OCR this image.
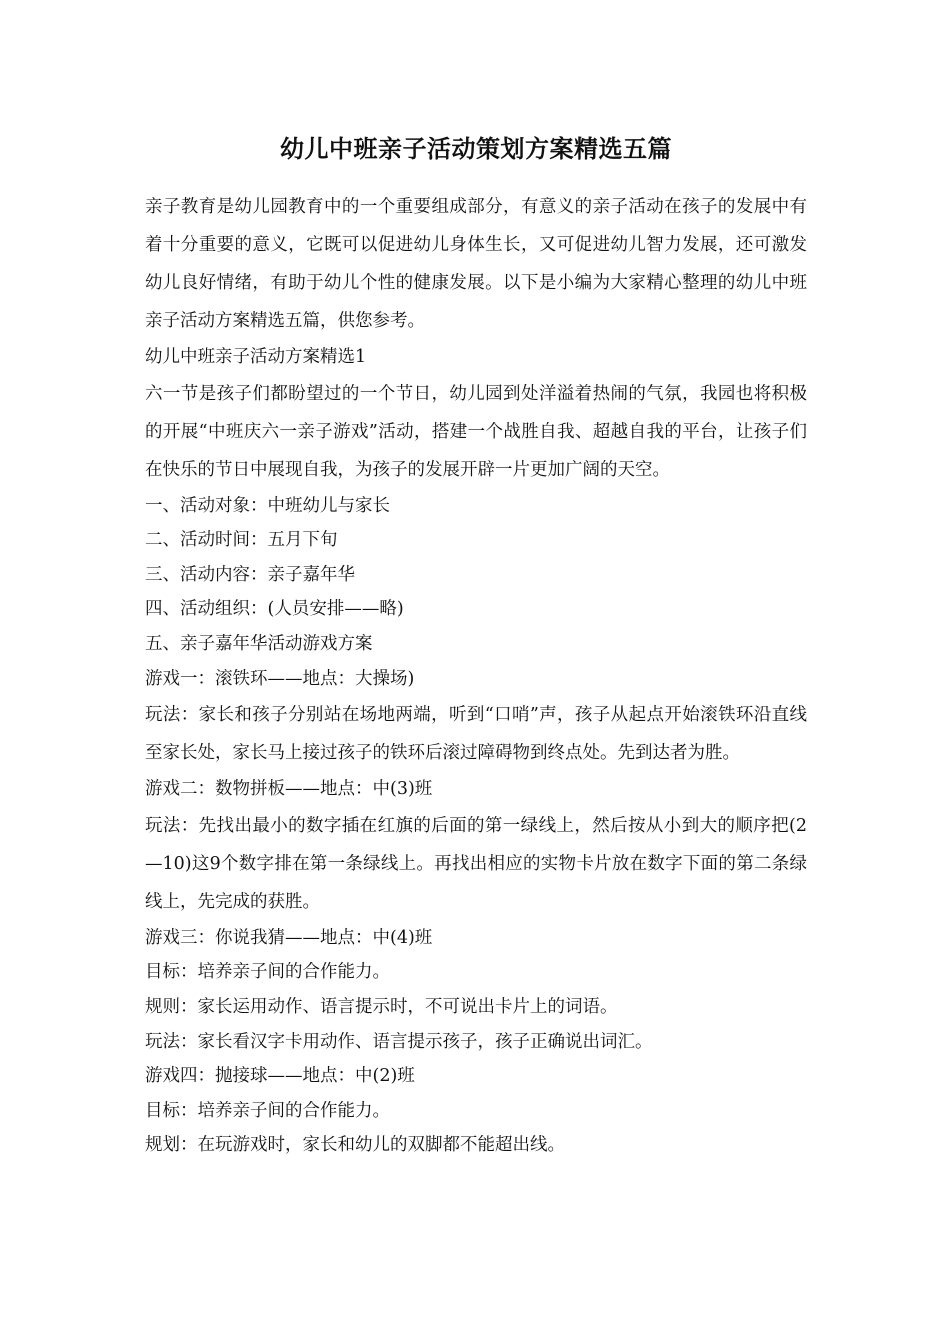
幼儿中班亲子活动策划方案精选五篇

亲子教育是幼儿园教育中的一个重要组成部分，有意义的亲子活动在孩子的发展中有着十分重要的意义，它既可以促进幼儿身体生长，又可促进幼儿智力发展，还可激发幼儿良好情绪，有助于幼儿个性的健康发展。以下是小编为大家精心整理的幼儿中班亲子活动方案精选五篇，供您参考。

幼儿中班亲子活动方案精选1

六一节是孩子们都盼望过的一个节日，幼儿园到处洋溢着热闹的气氛，我园也将积极的开展“中班庆六一亲子游戏”活动，搭建一个战胜自我、超越自我的平台，让孩子们在快乐的节日中展现自我，为孩子的发展开辟一片更加广阔的天空。

一、活动对象：中班幼儿与家长

二、活动时间：五月下旬

三、活动内容：亲子嘉年华

四、活动组织：(人员安排——略)

五、亲子嘉年华活动游戏方案

游戏一：滚铁环——地点：大操场)

玩法：家长和孩子分别站在场地两端，听到“口哨”声，孩子从起点开始滚铁环沿直线至家长处，家长马上接过孩子的铁环后滚过障碍物到终点处。先到达者为胜。

游戏二：数物拼板——地点：中(3)班

玩法：先找出最小的数字插在红旗的后面的第一绿线上，然后按从小到大的顺序把(2—10)这9个数字排在第一条绿线上。再找出相应的实物卡片放在数字下面的第二条绿线上，先完成的获胜。

游戏三：你说我猜——地点：中(4)班

目标：培养亲子间的合作能力。

规则：家长运用动作、语言提示时，不可说出卡片上的词语。

玩法：家长看汉字卡用动作、语言提示孩子，孩子正确说出词汇。

游戏四：抛接球——地点：中(2)班

目标：培养亲子间的合作能力。

规划：在玩游戏时，家长和幼儿的双脚都不能超出线。
